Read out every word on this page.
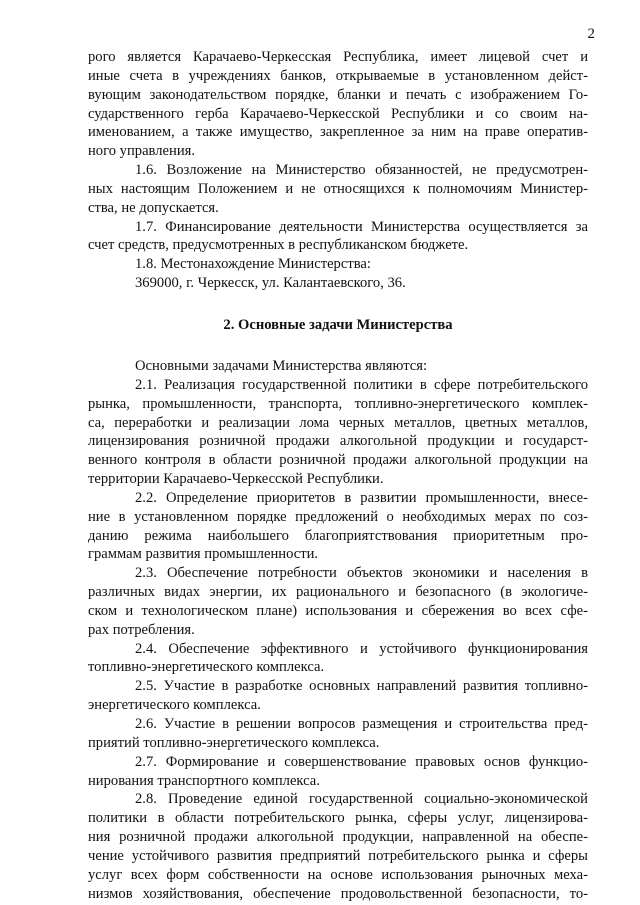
2
рого является Карачаево-Черкесская Республика, имеет лицевой счет и
иные счета в учреждениях банков, открываемые в установленном дейст-
вующим законодательством порядке, бланки и печать с изображением Го-
сударственного герба Карачаево-Черкесской Республики и со своим на-
именованием, а также имущество, закрепленное за ним на праве оператив-
ного управления.
1.6. Возложение на Министерство обязанностей, не предусмотрен-
ных настоящим Положением и не относящихся к полномочиям Министер-
ства, не допускается.
1.7. Финансирование деятельности Министерства осуществляется за
счет средств, предусмотренных в республиканском бюджете.
1.8. Местонахождение Министерства:
369000, г. Черкесск, ул. Калантаевского, 36.
2. Основные задачи Министерства
Основными задачами Министерства являются:
2.1. Реализация государственной политики в сфере потребительского
рынка, промышленности, транспорта, топливно-энергетического комплек-
са, переработки и реализации лома черных металлов, цветных металлов,
лицензирования розничной продажи алкогольной продукции и государст-
венного контроля в области розничной продажи алкогольной продукции на
территории Карачаево-Черкесской Республики.
2.2. Определение приоритетов в развитии промышленности, внесе-
ние в установленном порядке предложений о необходимых мерах по соз-
данию режима наибольшего благоприятствования приоритетным про-
граммам развития промышленности.
2.3. Обеспечение потребности объектов экономики и населения в
различных видах энергии, их рационального и безопасного (в экологиче-
ском и технологическом плане) использования и сбережения во всех сфе-
рах потребления.
2.4. Обеспечение эффективного и устойчивого функционирования
топливно-энергетического комплекса.
2.5. Участие в разработке основных направлений развития топливно-
энергетического комплекса.
2.6. Участие в решении вопросов размещения и строительства пред-
приятий топливно-энергетического комплекса.
2.7. Формирование и совершенствование правовых основ функцио-
нирования транспортного комплекса.
2.8. Проведение единой государственной социально-экономической
политики в области потребительского рынка, сферы услуг, лицензирова-
ния розничной продажи алкогольной продукции, направленной на обеспе-
чение устойчивого развития предприятий потребительского рынка и сферы
услуг всех форм собственности на основе использования рыночных меха-
низмов хозяйствования, обеспечение продовольственной безопасности, то-
